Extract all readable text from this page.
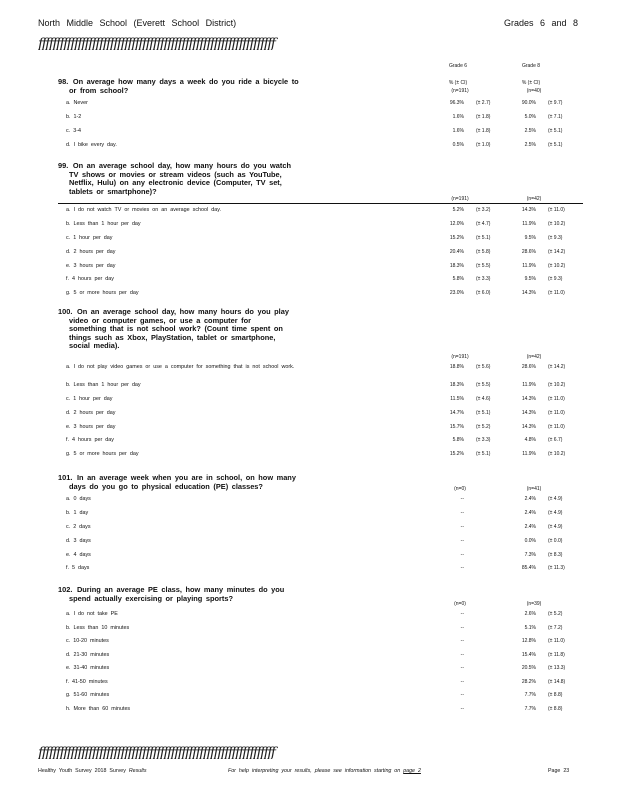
North Middle School (Everett School District)	Grades 6 and 8
ƒƒƒƒƒƒƒƒƒƒƒƒƒƒƒƒƒƒƒƒƒƒƒƒƒƒƒƒƒƒƒƒƒƒƒƒƒƒƒƒƒƒƒƒƒƒƒƒƒƒƒƒƒƒƒƒƒƒƒƒƒƒƒƒƒƒ
Grade 6	Grade 8
% (± CI)	% (± CI)
98. On average how many days a week do you ride a bicycle to
or from school?	(n=191)	(n=40)
a. Never	96.3% (± 2.7)	90.0% (± 9.7)
b. 1-2	1.6% (± 1.8)	5.0% (± 7.1)
c. 3-4	1.6% (± 1.8)	2.5% (± 5.1)
d. I bike every day.	0.5% (± 1.0)	2.5% (± 5.1)
99. On an average school day, how many hours do you watch
TV shows or movies or stream videos (such as YouTube,
Netflix, Hulu) on any electronic device (Computer, TV set,
tablets or smartphone)?
(n=191)	(n=42)
a. I do not watch TV or movies on an average school day.	5.2% (± 3.2)	14.3% (± 11.0)
b. Less than 1 hour per day	12.0% (± 4.7)	11.9% (± 10.2)
c. 1 hour per day	15.2% (± 5.1)	9.5% (± 9.3)
d. 2 hours per day	20.4% (± 5.8)	28.6% (± 14.2)
e. 3 hours per day	18.3% (± 5.5)	11.9% (± 10.2)
f. 4 hours per day	5.8% (± 3.3)	9.5% (± 9.3)
g. 5 or more hours per day	23.0% (± 6.0)	14.3% (± 11.0)
100. On an average school day, how many hours do you play
video or computer games, or use a computer for
something that is not school work? (Count time spent on
things such as Xbox, PlayStation, tablet or smartphone,
social media).
(n=191)	(n=42)
a. I do not play video games or use a computer for something that is not school work.	18.8% (± 5.6)	28.6% (± 14.2)
b. Less than 1 hour per day	18.3% (± 5.5)	11.9% (± 10.2)
c. 1 hour per day	11.5% (± 4.6)	14.3% (± 11.0)
d. 2 hours per day	14.7% (± 5.1)	14.3% (± 11.0)
e. 3 hours per day	15.7% (± 5.2)	14.3% (± 11.0)
f. 4 hours per day	5.8% (± 3.3)	4.8% (± 6.7)
g. 5 or more hours per day	15.2% (± 5.1)	11.9% (± 10.2)
101. In an average week when you are in school, on how many
days do you go to physical education (PE) classes?	(n=0)	(n=41)
a. 0 days	--	2.4% (± 4.9)
b. 1 day	--	2.4% (± 4.9)
c. 2 days	--	2.4% (± 4.9)
d. 3 days	--	0.0% (± 0.0)
e. 4 days	--	7.3% (± 8.3)
f. 5 days	--	85.4% (± 11.3)
102. During an average PE class, how many minutes do you
spend actually exercising or playing sports?
(n=0)	(n=39)
a. I do not take PE	--	2.6% (± 5.2)
b. Less than 10 minutes	--	5.1% (± 7.2)
c. 10-20 minutes	--	12.8% (± 11.0)
d. 21-30 minutes	--	15.4% (± 11.8)
e. 31-40 minutes	--	20.5% (± 13.3)
f. 41-50 minutes	--	28.2% (± 14.8)
g. 51-60 minutes	--	7.7% (± 8.8)
h. More than 60 minutes	--	7.7% (± 8.8)
ƒƒƒƒƒƒƒƒƒƒƒƒƒƒƒƒƒƒƒƒƒƒƒƒƒƒƒƒƒƒƒƒƒƒƒƒƒƒƒƒƒƒƒƒƒƒƒƒƒƒƒƒƒƒƒƒƒƒƒƒƒƒƒƒƒƒ
Healthy Youth Survey 2018 Survey Results	For help interpreting your results, please see information starting on page 2	Page 23
